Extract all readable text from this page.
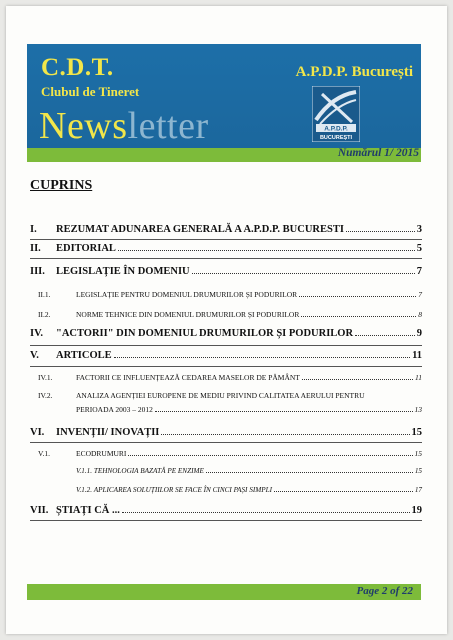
C.D.T.
Clubul de Tineret
Newsletter
A.P.D.P. București
A.P.D.P.
BUCUREȘTI
Numărul 1/ 2015
CUPRINS
I.	REZUMAT ADUNAREA GENERALĂ A A.P.D.P. BUCURESTI	3
II.	EDITORIAL	5
III.	LEGISLAȚIE ÎN DOMENIU	7
II.1.	LEGISLAȚIE PENTRU DOMENIUL DRUMURILOR ȘI PODURILOR	7
II.2.	NORME TEHNICE DIN DOMENIUL DRUMURILOR ȘI PODURILOR	8
IV.	"ACTORII" DIN DOMENIUL DRUMURILOR ȘI PODURILOR	9
V.	ARTICOLE	11
IV.1.	FACTORII CE INFLUENȚEAZĂ CEDAREA MASELOR DE PĂMÂNT	11
IV.2.	ANALIZA AGENȚIEI EUROPENE DE MEDIU PRIVIND CALITATEA AERULUI PENTRU
PERIOADA 2003 – 2012	13
VI.	INVENȚII/ INOVAȚII	15
V.1.	ECODRUMURI	15
V.1.1. TEHNOLOGIA BAZATĂ PE ENZIME	15
V.1.2. APLICAREA SOLUȚIILOR SE FACE ÎN CINCI PAȘI SIMPLI	17
VII. ȘTIAȚI CĂ ...	19
Page 2 of 22
